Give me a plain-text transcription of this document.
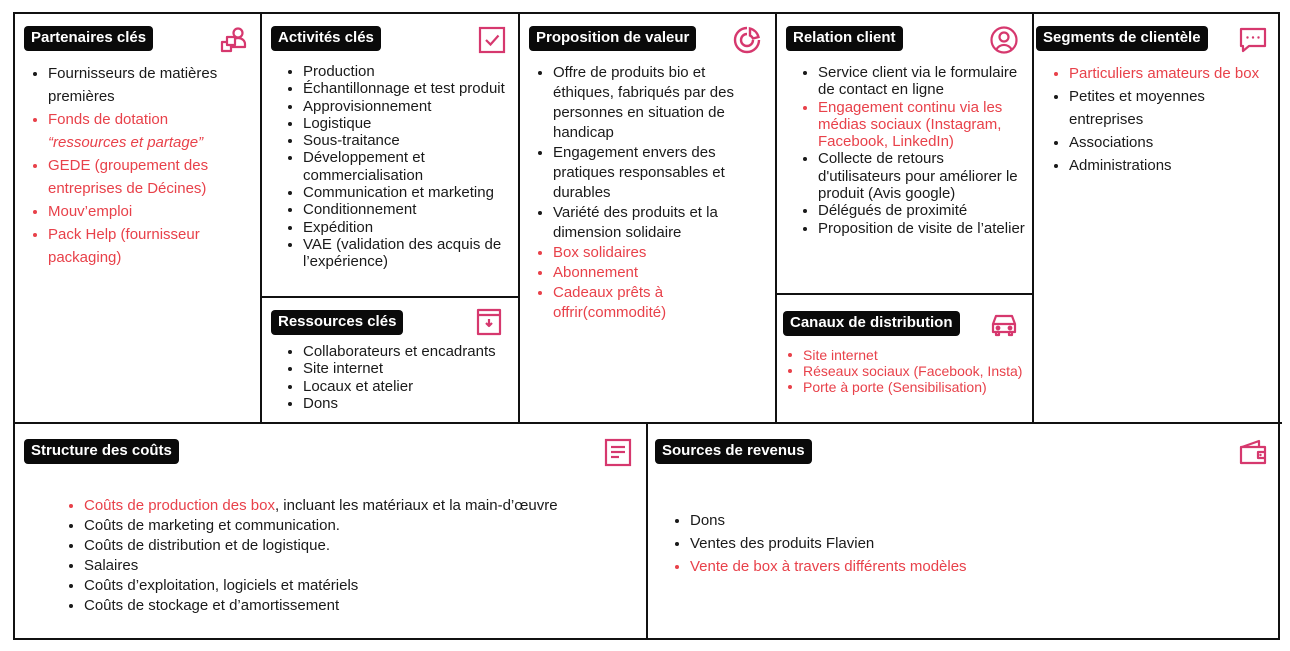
Partenaires clés
Fournisseurs de matières premières
Fonds de dotation
“ressources et partage”
GEDE (groupement des entreprises de Décines)
Mouv’emploi
Pack Help (fournisseur packaging)
Activités clés
Production
Échantillonnage et test produit
Approvisionnement
Logistique
Sous-traitance
Développement et commercialisation
Communication et marketing
Conditionnement
Expédition
VAE (validation des acquis de l’expérience)
Ressources clés
Collaborateurs et encadrants
Site internet
Locaux et atelier
Dons
Proposition de valeur
Offre de produits bio et éthiques, fabriqués par des personnes en situation de handicap
Engagement envers des pratiques responsables et durables
Variété des produits et la dimension solidaire
Box solidaires
Abonnement
Cadeaux prêts à offrir(commodité)
Relation client
Service client via le formulaire de contact en ligne
Engagement continu via les médias sociaux (Instagram, Facebook, LinkedIn)
Collecte de retours d'utilisateurs pour améliorer le produit (Avis google)
Délégués de proximité
Proposition de visite de l’atelier
Canaux de distribution
Site internet
Réseaux sociaux (Facebook, Insta)
Porte à porte (Sensibilisation)
Segments de clientèle
Particuliers amateurs de box
Petites et moyennes entreprises
Associations
Administrations
Structure des coûts
Coûts de production des box, incluant les matériaux et la main-d’œuvre
Coûts de marketing et communication.
Coûts de distribution et de logistique.
Salaires
Coûts d’exploitation, logiciels et matériels
Coûts de stockage et d’amortissement
Sources de revenus
Dons
Ventes des produits Flavien
Vente de box à travers différents modèles
